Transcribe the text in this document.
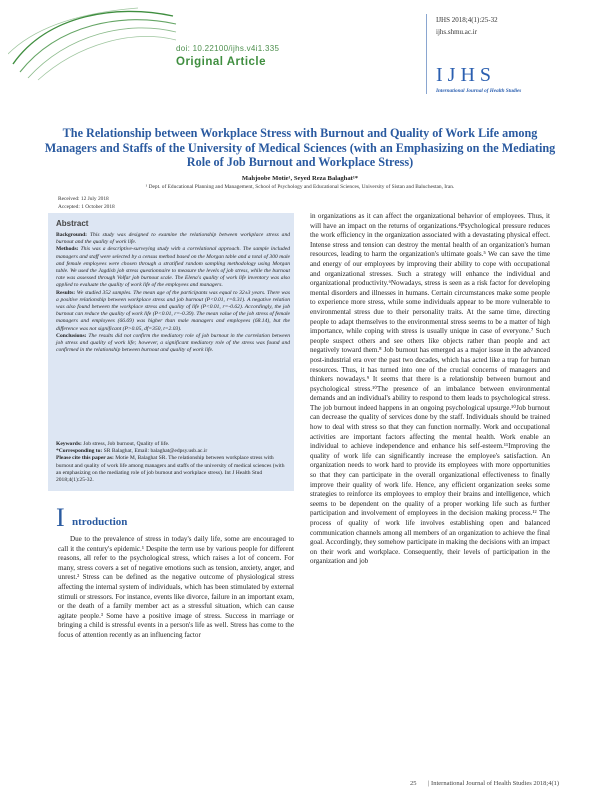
doi: 10.22100/ijhs.v4i1.335
Original Article
IJHS 2018;4(1):25-32
ijhs.shmu.ac.ir
IJHS
International Journal of Health Studies
The Relationship between Workplace Stress with Burnout and Quality of Work Life among Managers and Staffs of the University of Medical Sciences (with an Emphasizing on the Mediating Role of Job Burnout and Workplace Stress)
Mahjoobe Motie¹, Seyed Reza Balaghat¹*
¹ Dept. of Educational Planning and Management, School of Psychology and Educational Sciences, University of Sistan and Baluchestan, Iran.
Received: 12 July 2018
Accepted: 1 October 2018
Abstract

Background: This study was designed to examine the relationship between workplace stress and burnout and the quality of work life.

Methods: This was a descriptive-surveying study with a correlational approach. The sample included managers and staff were selected by a census method based on the Morgan table and a total of 300 male and female employees were chosen through a stratified random sampling methodology using Morgan table. We used the Jagdish job stress questionnaire to measure the levels of job stress, while the burnout rate was assessed through Volfar job burnout scale. The Elena's quality of work life inventory was also applied to evaluate the quality of work life of the employees and managers.

Results: We studied 352 samples. The mean age of the participants was equal to 32±3 years. There was a positive relationship between workplace stress and job burnout (P<0.01, r=0.31). A negative relation was also found between the workplace stress and quality of life (P<0.01, r=-0.62). Accordingly, the job burnout can reduce the quality of work life (P<0.01, r=-0.39). The mean value of the job stress of female managers and employees (66.69) was higher than male managers and employees (68.14), but the difference was not significant (P>0.05, df=350, t=2.03).

Conclusions: The results did not confirm the mediatory role of job burnout in the correlation between job stress and quality of work life; however, a significant mediatory role of the stress was found and confirmed in the relationship between burnout and quality of work life.

Keywords: Job stress, Job burnout, Quality of life.

*Corresponding to: SR Balaghat, Email: balaghat@edpsy.usb.ac.ir

Please cite this paper as: Motie M, Balaghat SR. The relationship between workplace stress with burnout and quality of work life among managers and staffs of the university of medical sciences (with an emphasizing on the mediating role of job burnout and workplace stress). Int J Health Stud 2018;4(1):25-32.

I ntroduction

Due to the prevalence of stress in today's daily life, some are encouraged to call it the century's epidemic.¹ Despite the term use by various people for different reasons, all refer to the psychological stress, which raises a lot of concern. For many, stress covers a set of negative emotions such as tension, anxiety, anger, and unrest.² Stress can be defined as the negative outcome of physiological stress affecting the internal system of individuals, which has been stimulated by external stimuli or stressors. For instance, events like divorce, failure in an important exam, or the death of a family member act as a stressful situation, which can cause agitate people.³ Some have a positive image of stress. Success in marriage or bringing a child is stressful events in a person's life as well. Stress has come to the focus of attention recently as an influencing factor

in organizations as it can affect the organizational behavior of employees. Thus, it will have an impact on the returns of organizations.⁴Psychological pressure reduces the work efficiency in the organization associated with a devastating physical effect. Intense stress and tension can destroy the mental health of an organization's human resources, leading to harm the organization's ultimate goals.⁵ We can save the time and energy of our employees by improving their ability to cope with occupational and organizational stresses. Such a strategy will enhance the individual and organizational productivity.⁶Nowadays, stress is seen as a risk factor for developing mental disorders and illnesses in humans. Certain circumstances make some people to experience more stress, while some individuals appear to be more vulnerable to environmental stress due to their personality traits. At the same time, directing people to adapt themselves to the environmental stress seems to be a matter of high importance, while coping with stress is usually unique in case of everyone.⁷ Such people suspect others and see others like objects rather than people and act negatively toward them.⁸ Job burnout has emerged as a major issue in the advanced post-industrial era over the past two decades, which has acted like a trap for human resources. Thus, it has turned into one of the crucial concerns of managers and thinkers nowadays.⁹ It seems that there is a relationship between burnout and psychological stress.¹⁰The presence of an imbalance between environmental demands and an individual's ability to respond to them leads to psychological stress. The job burnout indeed happens in an ongoing psychological upsurge.¹⁰Job burnout can decrease the quality of services done by the staff. Individuals should be trained how to deal with stress so that they can function normally. Work and occupational activities are important factors affecting the mental health. Work enable an individual to achieve independence and enhance his self-esteem.¹¹Improving the quality of work life can significantly increase the employee's satisfaction. An organization needs to work hard to provide its employees with more opportunities so that they can participate in the overall organizational effectiveness to finally improve their quality of work life. Hence, any efficient organization seeks some strategies to reinforce its employees to employ their brains and intelligence, which seems to be dependent on the quality of a proper working life such as further participation and involvement of employees in the decision making process.¹² The process of quality of work life involves establishing open and balanced communication channels among all members of an organization to achieve the final goal. Accordingly, they somehow participate in making the decisions with an impact on their work and workplace. Consequently, their levels of participation in the organization and job

25 | International Journal of Health Studies 2018;4(1)
